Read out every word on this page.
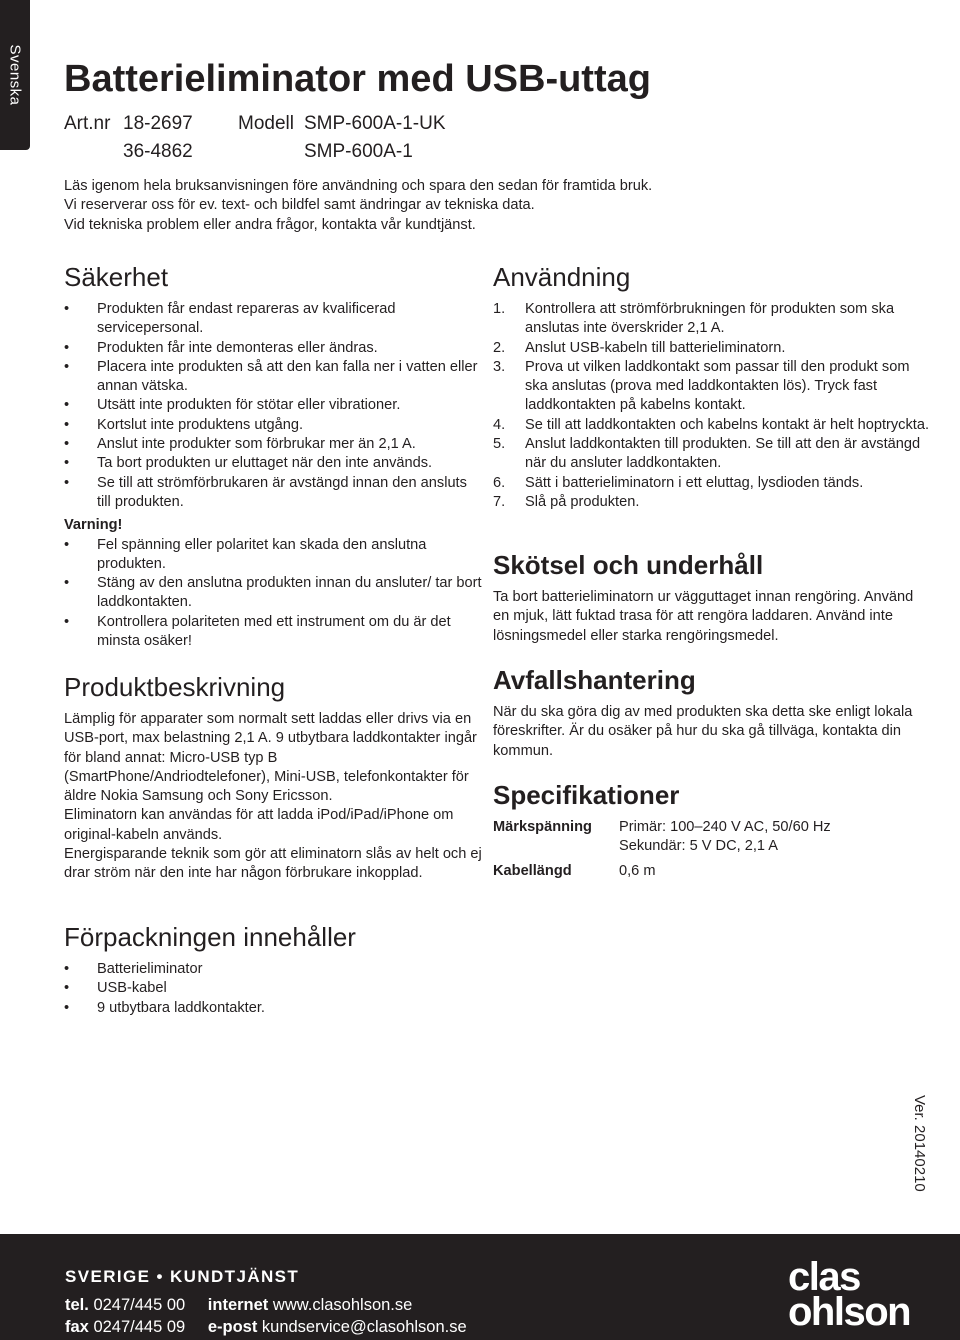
Svenska Batterieliminator med USB-uttag
Art.nr 18-2697 Modell SMP-600A-1-UK
36-4862	SMP-600A-1
Läs igenom hela bruksanvisningen före användning och spara den sedan för framtida bruk.
Vi reserverar oss för ev. text- och bildfel samt ändringar av tekniska data.
Vid tekniska problem eller andra frågor, kontakta vår kundtjänst.
Säkerhet
• Produkten får endast repareras av kvalificerad servicepersonal.
• Produkten får inte demonteras eller ändras.
• Placera inte produkten så att den kan falla ner i vatten eller annan vätska.
• Utsätt inte produkten för stötar eller vibrationer.
• Kortslut inte produktens utgång.
• Anslut inte produkter som förbrukar mer än 2,1 A.
• Ta bort produkten ur eluttaget när den inte används.
• Se till att strömförbrukaren är avstängd innan den ansluts till produkten.
Varning!
• Fel spänning eller polaritet kan skada den anslutna produkten.
• Stäng av den anslutna produkten innan du ansluter/ tar bort laddkontakten.
• Kontrollera polariteten med ett instrument om du är det minsta osäker!
Produktbeskrivning

Lämplig för apparater som normalt sett laddas eller drivs via en USB-port, max belastning 2,1 A. 9 utbytbara laddkontakter ingår för bland annat: Micro-USB typ B (SmartPhone/Andriodtelefoner), Mini-USB, telefonkontakter för äldre Nokia Samsung och Sony Ericsson.

Eliminatorn kan användas för att ladda iPod/iPad/iPhone om original-kabeln används.

Energisparande teknik som gör att eliminatorn slås av helt och ej drar ström när den inte har någon förbrukare inkopplad.

Förpackningen innehåller
• Batterieliminator
• USB-kabel
• 9 utbytbara laddkontakter.
Användning
1. Kontrollera att strömförbrukningen för produkten som ska anslutas inte överskrider 2,1 A.
2. Anslut USB-kabeln till batterieliminatorn.
3. Prova ut vilken laddkontakt som passar till den produkt som ska anslutas (prova med laddkontakten lös). Tryck fast laddkontakten på kabelns kontakt.
4. Se till att laddkontakten och kabelns kontakt är helt hoptryckta.
5. Anslut laddkontakten till produkten. Se till att den är avstängd när du ansluter laddkontakten.
6. Sätt i batterieliminatorn i ett eluttag, lysdioden tänds.
7. Slå på produkten.
Skötsel och underhåll

Ta bort batterieliminatorn ur vägguttaget innan rengöring. Använd en mjuk, lätt fuktad trasa för att rengöra laddaren. Använd inte lösningsmedel eller starka rengöringsmedel.

Avfallshantering

När du ska göra dig av med produkten ska detta ske enligt lokala föreskrifter. Är du osäker på hur du ska gå tillväga, kontakta din kommun.

Specifikationer
Märkspänning	Primär: 100–240 V AC, 50/60 Hz
Sekundär: 5 V DC, 2,1 A
Kabellängd	0,6 m
Ver. 20140210
SVERIGE • KUNDTJÄNST
tel. 0247/445 00 internet www.clasohlson.se
fax 0247/445 09 e-post kundservice@clasohlson.se
clas
ohlson
